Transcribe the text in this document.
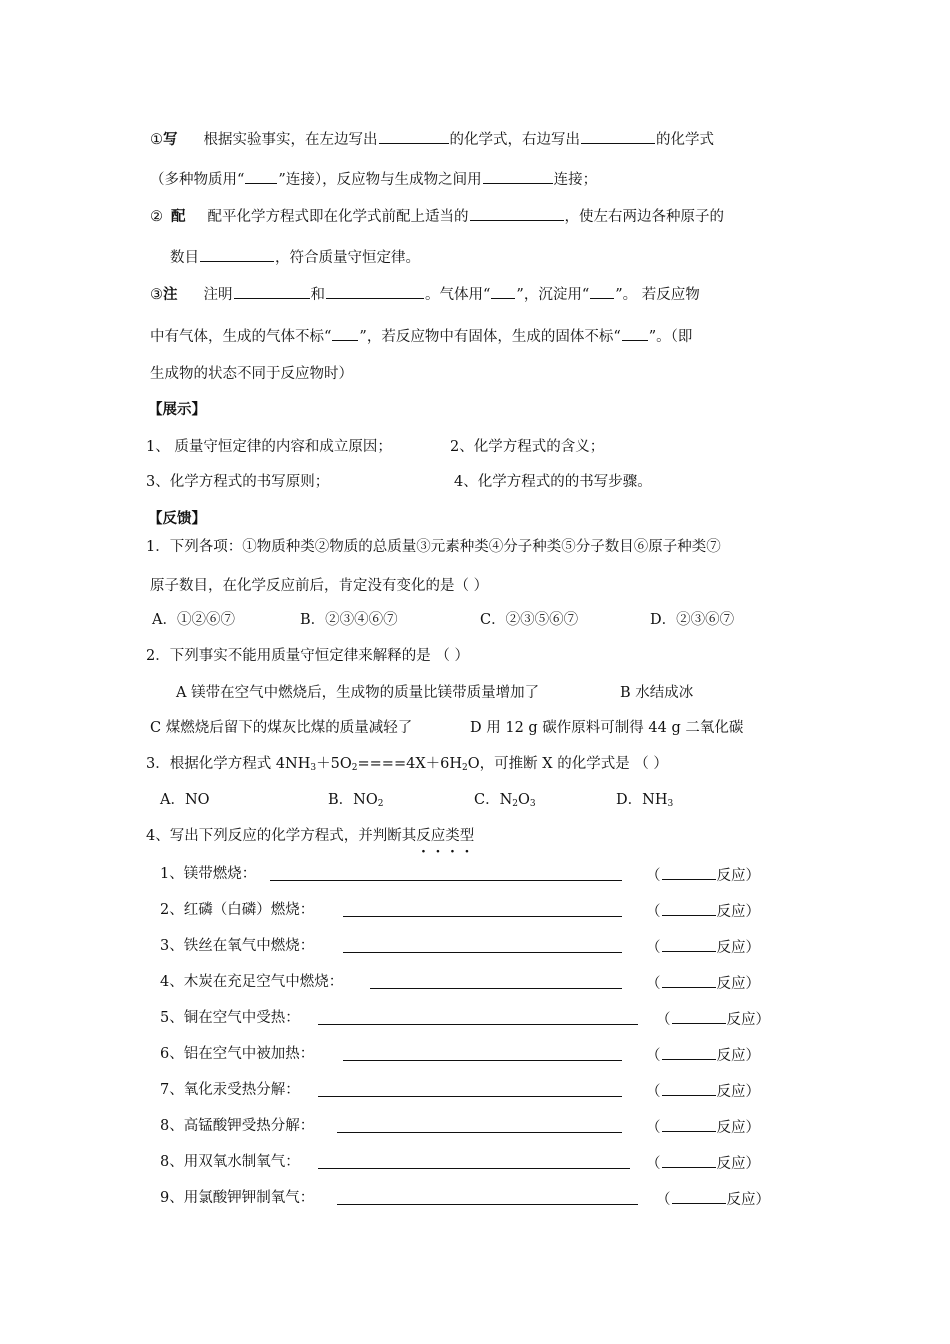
①写 根据实验事实，在左边写出	的化学式，右边写出	的化学式
（多种物质用“ ”连接），反应物与生成物之间用	连接；
② 配 配平化学方程式即在化学式前配上适当的	，使左右两边各种原子的
数目	，符合质量守恒定律。
③注 注明	和	。气体用“ ”，沉淀用“ ”。 若反应物
中有气体，生成的气体不标“ ”，若反应物中有固体，生成的固体不标“ ”。（即
生成物的状态不同于反应物时）
【展示】
1、 质量守恒定律的内容和成立原因；	2、化学方程式的含义；
3、化学方程式的书写原则；	4、化学方程式的的书写步骤。
【反馈】
1．下列各项：①物质种类②物质的总质量③元素种类④分子种类⑤分子数目⑥原子种类⑦
原子数目，在化学反应前后，肯定没有变化的是（ ）
A．①②⑥⑦	B．②③④⑥⑦	C．②③⑤⑥⑦	D．②③⑥⑦
2．下列事实不能用质量守恒定律来解释的是 （ ）
A 镁带在空气中燃烧后，生成物的质量比镁带质量增加了	B 水结成冰
C 煤燃烧后留下的煤灰比煤的质量减轻了	D 用 12 g 碳作原料可制得 44 g 二氧化碳
3．根据化学方程式 $4NH_3+5O_2====4X+6H_2O$，可推断 X 的化学式是 （ ）
A．NO	B．$NO_2$	C．$N_2O_3$	D．$NH_3$
4、写出下列反应的化学方程式，并判断其反应类型
1、镁带燃烧：	（	反应）
2、红磷（白磷）燃烧：	（	反应）
3、铁丝在氧气中燃烧：	（	反应）
4、木炭在充足空气中燃烧：	（	反应）
5、铜在空气中受热：	（	反应）
6、铝在空气中被加热：	（	反应）
7、氧化汞受热分解：	（	反应）
8、高锰酸钾受热分解：	（	反应）
8、用双氧水制氧气：	（	反应）
9、用氯酸钾钾制氧气：	（	反应）
